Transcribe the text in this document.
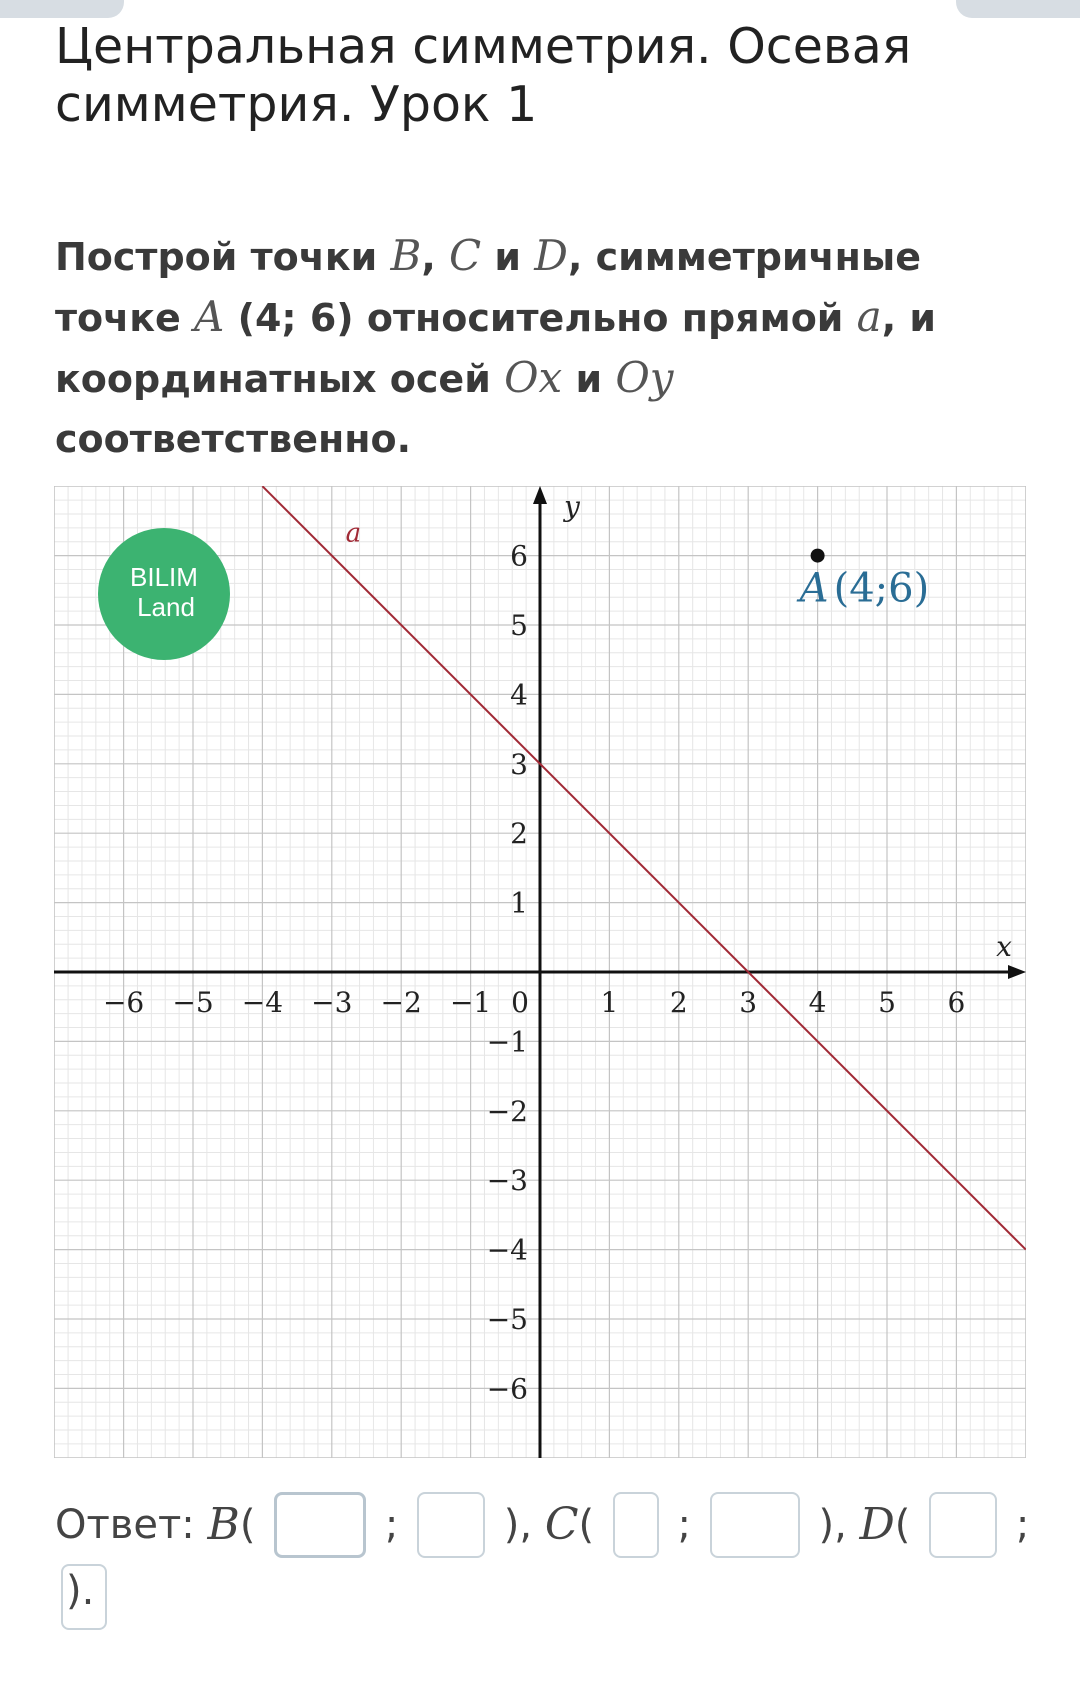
Центральная симметрия. Осевая симметрия. Урок 1

Построй точки B, C и D, симметричные точке A (4; 6) относительно прямой a, и координатных осей Ox и Oy соответственно.

BILIM
Land
−6 −5 −4 −3 −2 −1	1 2 3 4 5 6
6
5
4
3
2
1
−1
−2
−3
−4
−5
−6
0
a
A (4;6)
x
y
Ответ: B(	;	), C( ;	), D(	;
).
